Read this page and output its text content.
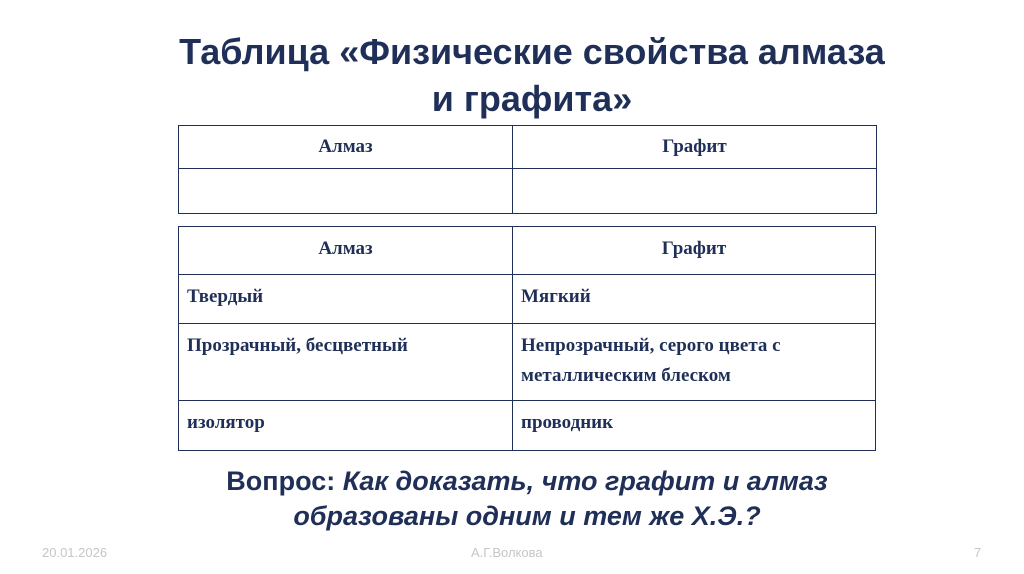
Таблица «Физические свойства алмаза
и графита»
Алмаз	Графит

Алмаз	Графит
Твердый	Мягкий
Прозрачный, бесцветный	Непрозрачный, серого цвета с металлическим блеском
изолятор	проводник
Вопрос: Как доказать, что графит и алмаз
образованы одним и тем же Х.Э.?
20.01.2026	А.Г.Волкова	7
